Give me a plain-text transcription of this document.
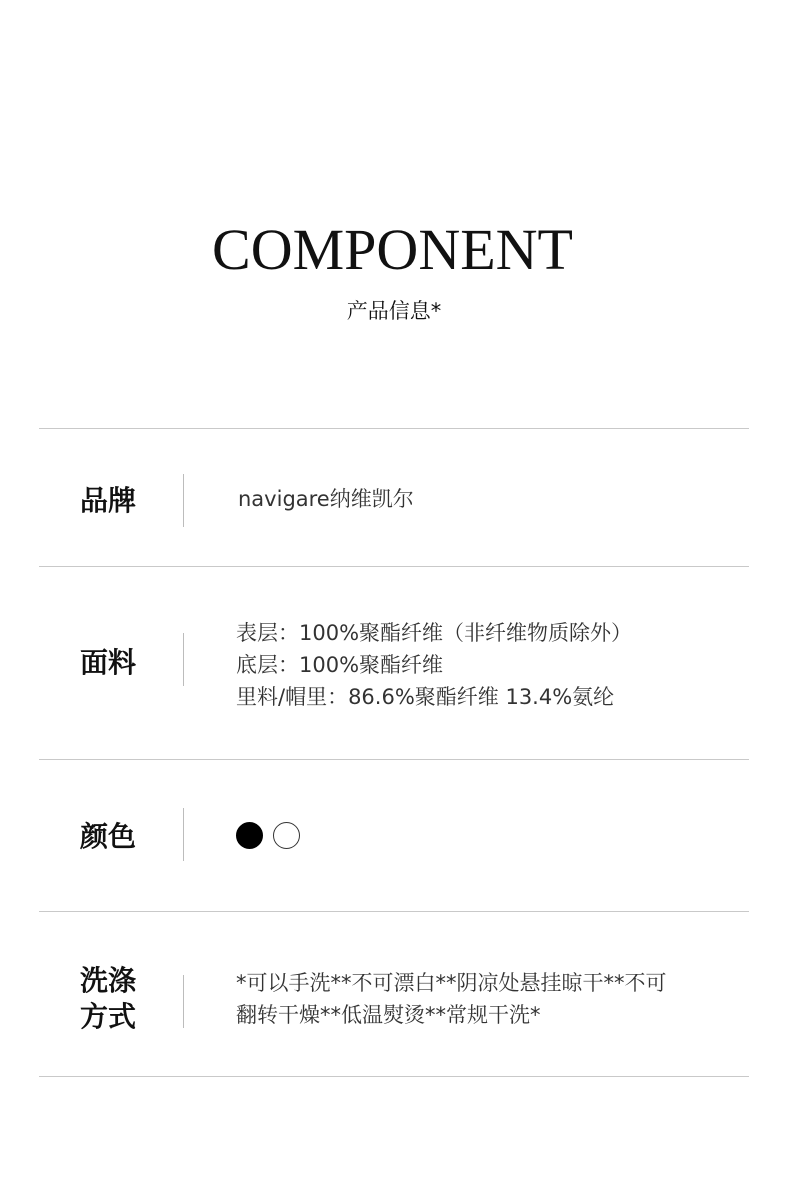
COMPONENT
产品信息*
品牌	navigare纳维凯尔
面料
表层：100%聚酯纤维（非纤维物质除外）
底层：100%聚酯纤维
里料/帽里：86.6%聚酯纤维 13.4%氨纶
颜色
洗涤
方式
*可以手洗**不可漂白**阴凉处悬挂晾干**不可
翻转干燥**低温熨烫**常规干洗*
